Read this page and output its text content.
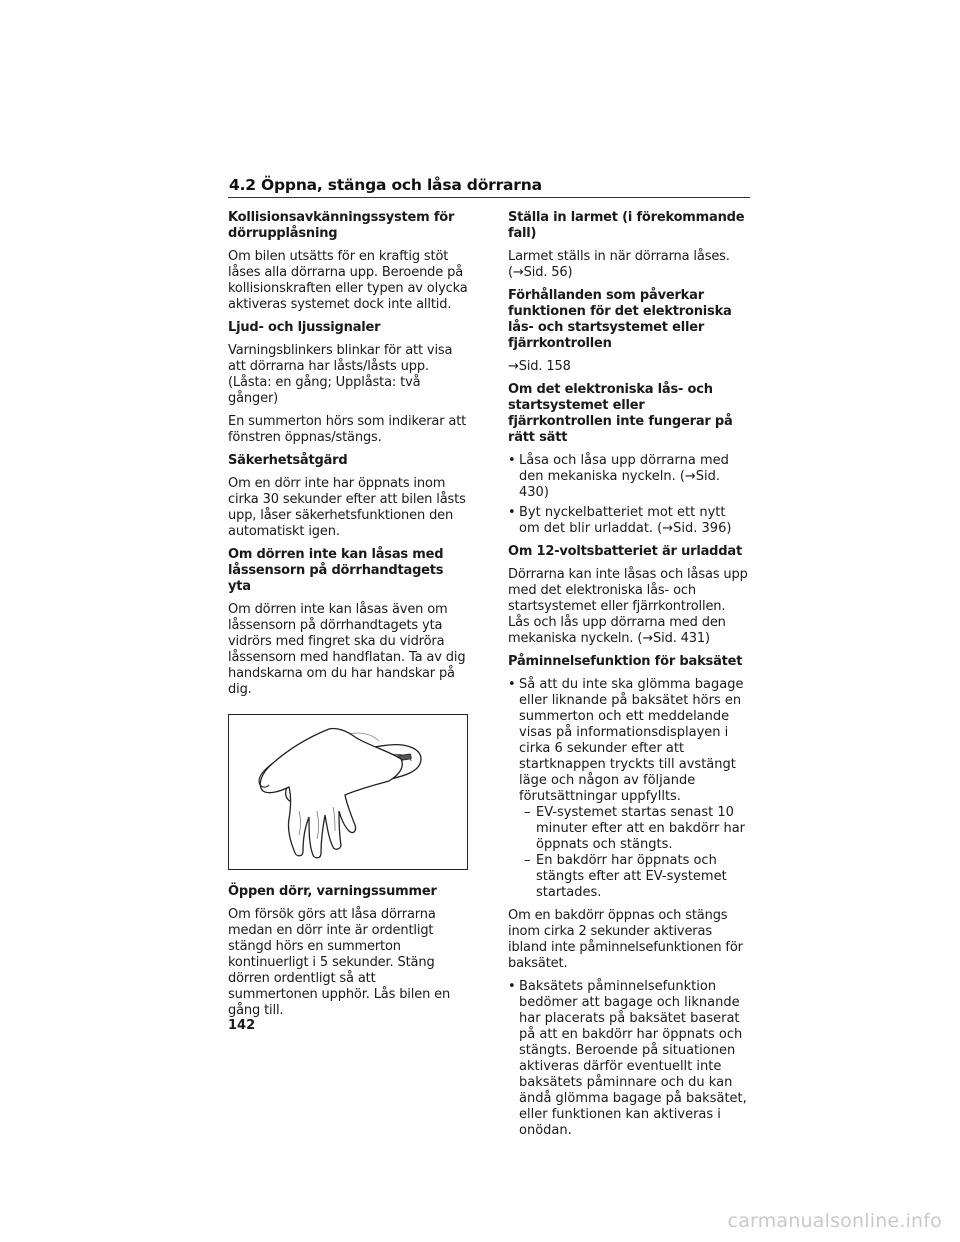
4.2 Öppna, stänga och låsa dörrarna
Kollisionsavkänningssystem för dörrupplåsning

Om bilen utsätts för en kraftig stöt låses alla dörrarna upp. Beroende på kollisionskraften eller typen av olycka aktiveras systemet dock inte alltid.

Ljud- och ljussignaler

Varningsblinkers blinkar för att visa att dörrarna har låsts/låsts upp. (Låsta: en gång; Upplåsta: två gånger)

En summerton hörs som indikerar att fönstren öppnas/stängs.

Säkerhetsåtgärd

Om en dörr inte har öppnats inom cirka 30 sekunder efter att bilen låsts upp, låser säkerhetsfunktionen den automatiskt igen.

Om dörren inte kan låsas med låssensorn på dörrhandtagets yta

Om dörren inte kan låsas även om låssensorn på dörrhandtagets yta vidrörs med fingret ska du vidröra låssensorn med handflatan. Ta av dig handskarna om du har handskar på dig.

Öppen dörr, varningssummer

Om försök görs att låsa dörrarna medan en dörr inte är ordentligt stängd hörs en summerton kontinuerligt i 5 sekunder. Stäng dörren ordentligt så att summertonen upphör. Lås bilen en gång till.

Ställa in larmet (i förekommande fall)

Larmet ställs in när dörrarna låses. (→Sid. 56)

Förhållanden som påverkar funktionen för det elektroniska lås- och startsystemet eller fjärrkontrollen

→Sid. 158

Om det elektroniska lås- och startsystemet eller fjärrkontrollen inte fungerar på rätt sätt
• Låsa och låsa upp dörrarna med den mekaniska nyckeln. (→Sid. 430)
• Byt nyckelbatteriet mot ett nytt om det blir urladdat. (→Sid. 396)
Om 12-voltsbatteriet är urladdat

Dörrarna kan inte låsas och låsas upp med det elektroniska lås- och startsystemet eller fjärrkontrollen. Lås och lås upp dörrarna med den mekaniska nyckeln. (→Sid. 431)

Påminnelsefunktion för baksätet
• Så att du inte ska glömma bagage eller liknande på baksätet hörs en summerton och ett meddelande visas på informationsdisplayen i cirka 6 sekunder efter att startknappen tryckts till avstängt läge och någon av följande förutsättningar uppfyllts.
– EV-systemet startas senast 10 minuter efter att en bakdörr har öppnats och stängts.
– En bakdörr har öppnats och stängts efter att EV-systemet startades.

Om en bakdörr öppnas och stängs inom cirka 2 sekunder aktiveras ibland inte påminnelsefunktionen för baksätet.

• Baksätets påminnelsefunktion bedömer att bagage och liknande har placerats på baksätet baserat på att en bakdörr har öppnats och stängts. Beroende på situationen aktiveras därför eventuellt inte baksätets påminnare och du kan ändå glömma bagage på baksätet, eller funktionen kan aktiveras i onödan.
142
carmanualsonline.info
